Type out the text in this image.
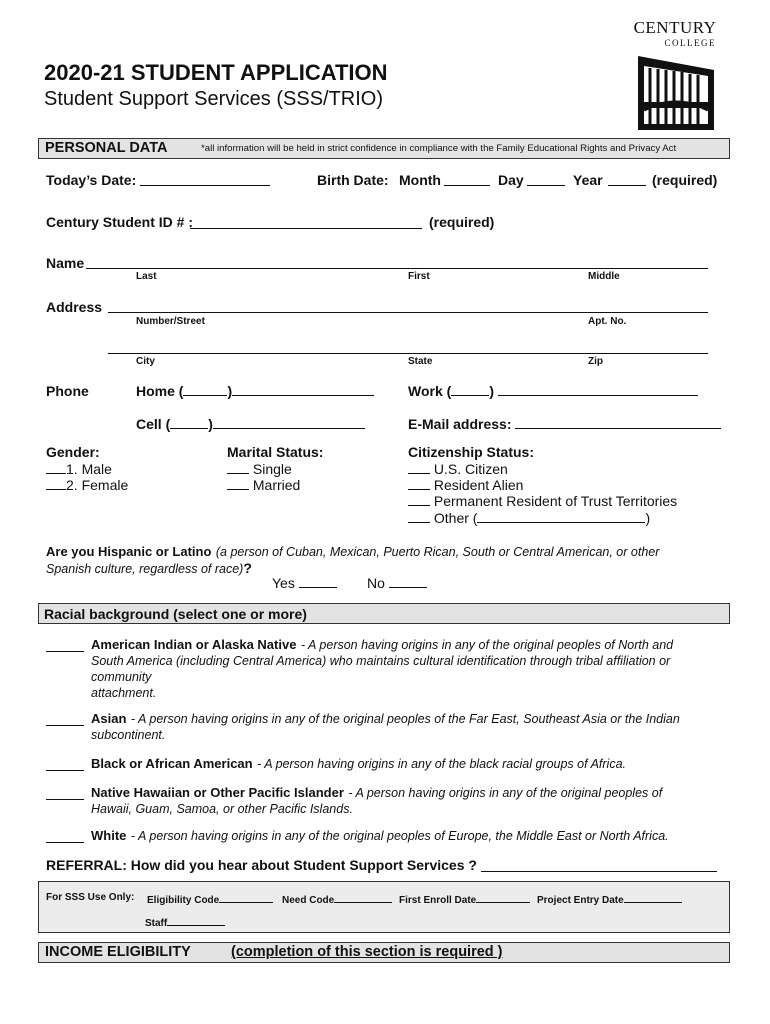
CENTURY
COLLEGE
2020-21 STUDENT APPLICATION
Student Support Services (SSS/TRIO)
PERSONAL DATA	*all information will be held in strict confidence in compliance with the Family Educational Rights and Privacy Act
Today’s Date:	Birth Date: Month	Day	Year	(required)
Century Student ID # :	(required)
Name
Last	First	Middle
Address
Number/Street	Apt. No.
City	State	Zip
Phone	Home (	)	Work (	)
Cell (	)	E-Mail address:
Gender:
1. Male
2. Female
Marital Status:
Single
Married
Citizenship Status:
U.S. Citizen
Resident Alien
Permanent Resident of Trust Territories
Other (	)
Are you Hispanic or Latino (a person of Cuban, Mexican, Puerto Rican, South or Central American, or other
Spanish culture, regardless of race)?
Yes	No
Racial background (select one or more)
American Indian or Alaska Native - A person having origins in any of the original peoples of North and
South America (including Central America) who maintains cultural identification through tribal affiliation or
community
attachment.
Asian - A person having origins in any of the original peoples of the Far East, Southeast Asia or the Indian
subcontinent.
Black or African American - A person having origins in any of the black racial groups of Africa.
Native Hawaiian or Other Pacific Islander - A person having origins in any of the original peoples of
Hawaii, Guam, Samoa, or other Pacific Islands.
White - A person having origins in any of the original peoples of Europe, the Middle East or North Africa.
REFERRAL: How did you hear about Student Support Services ?
For SSS Use Only: Eligibility Code	Need Code	First Enroll Date	Project Entry Date
Staff
INCOME ELIGIBILITY	(completion of this section is required )
